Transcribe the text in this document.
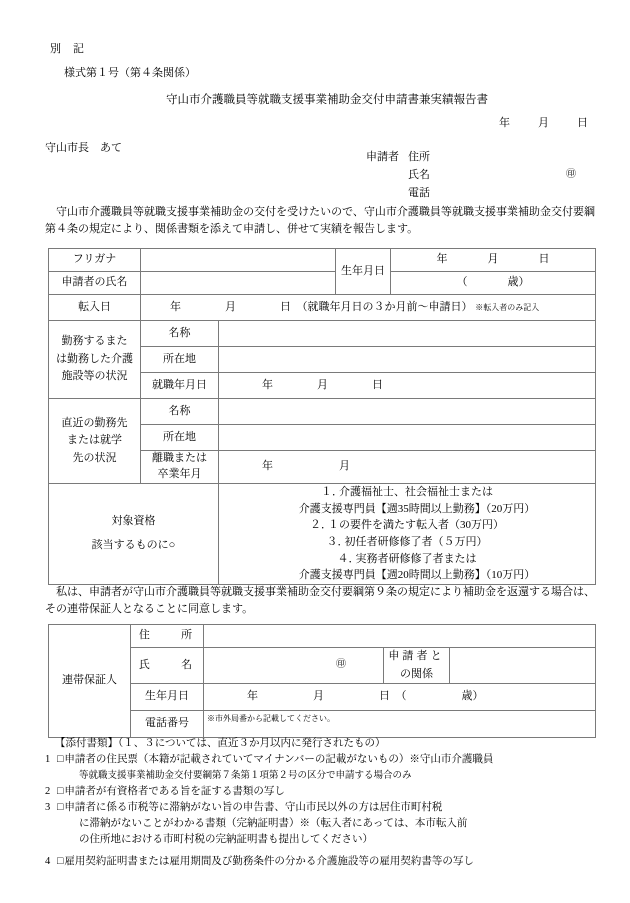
別　記
様式第１号（第４条関係）
守山市介護職員等就職支援事業補助金交付申請書兼実績報告書
年	月	日
守山市長　あて
申請者 住所
氏名	㊞
電話
守山市介護職員等就職支援事業補助金の交付を受けたいので、守山市介護職員等就職支援事業補助金交付要綱第４条の規定により、関係書類を添えて申請し、併せて実績を報告します。
フリガナ			生年月日	年 月 日
申請者の氏名				（ 歳）
転入日	年　　　　月　　　　日　（就職年月日の３か月前～申請日） ※転入者のみ記入			

勤務するまた
は勤務した介護
施設等の状況	名称			
	所在地			
	就職年月日	年　　　　月　　　　日		

直近の勤務先
または就学
先の状況	名称			
	所在地			

	離職または
卒業年月	年　　　　　　月		

対象資格
該当するものに○

１．介護福祉士、社会福祉士または
介護支援専門員【週35時間以上勤務】（20万円）
２．１の要件を満たす転入者（30万円）
３．初任者研修修了者（５万円）
４．実務者研修修了者または
介護支援専門員【週20時間以上勤務】（10万円）
私は、申請者が守山市介護職員等就職支援事業補助金交付要綱第９条の規定により補助金を返還する場合は、その連帯保証人となることに同意します。
連帯保証人	住　　所			
	氏　　名	㊞	申請者と
の関係	

	生年月日	年　　　　　月　　　　　日　（　　　　　歳）		
	電話番号	※市外局番から記載してください。		
【添付書類】（１、３については、直近３か月以内に発行されたもの）
1 □申請者の住民票（本籍が記載されていてマイナンバーの記載がないもの）※守山市介護職員
等就職支援事業補助金交付要綱第７条第１項第２号の区分で申請する場合のみ
2 □申請者が有資格者である旨を証する書類の写し
3 □申請者に係る市税等に滞納がない旨の申告書、守山市民以外の方は居住市町村税
に滞納がないことがわかる書類（完納証明書）※（転入者にあっては、本市転入前
の住所地における市町村税の完納証明書も提出してください）
4 □雇用契約証明書または雇用期間及び勤務条件の分かる介護施設等の雇用契約書等の写し
